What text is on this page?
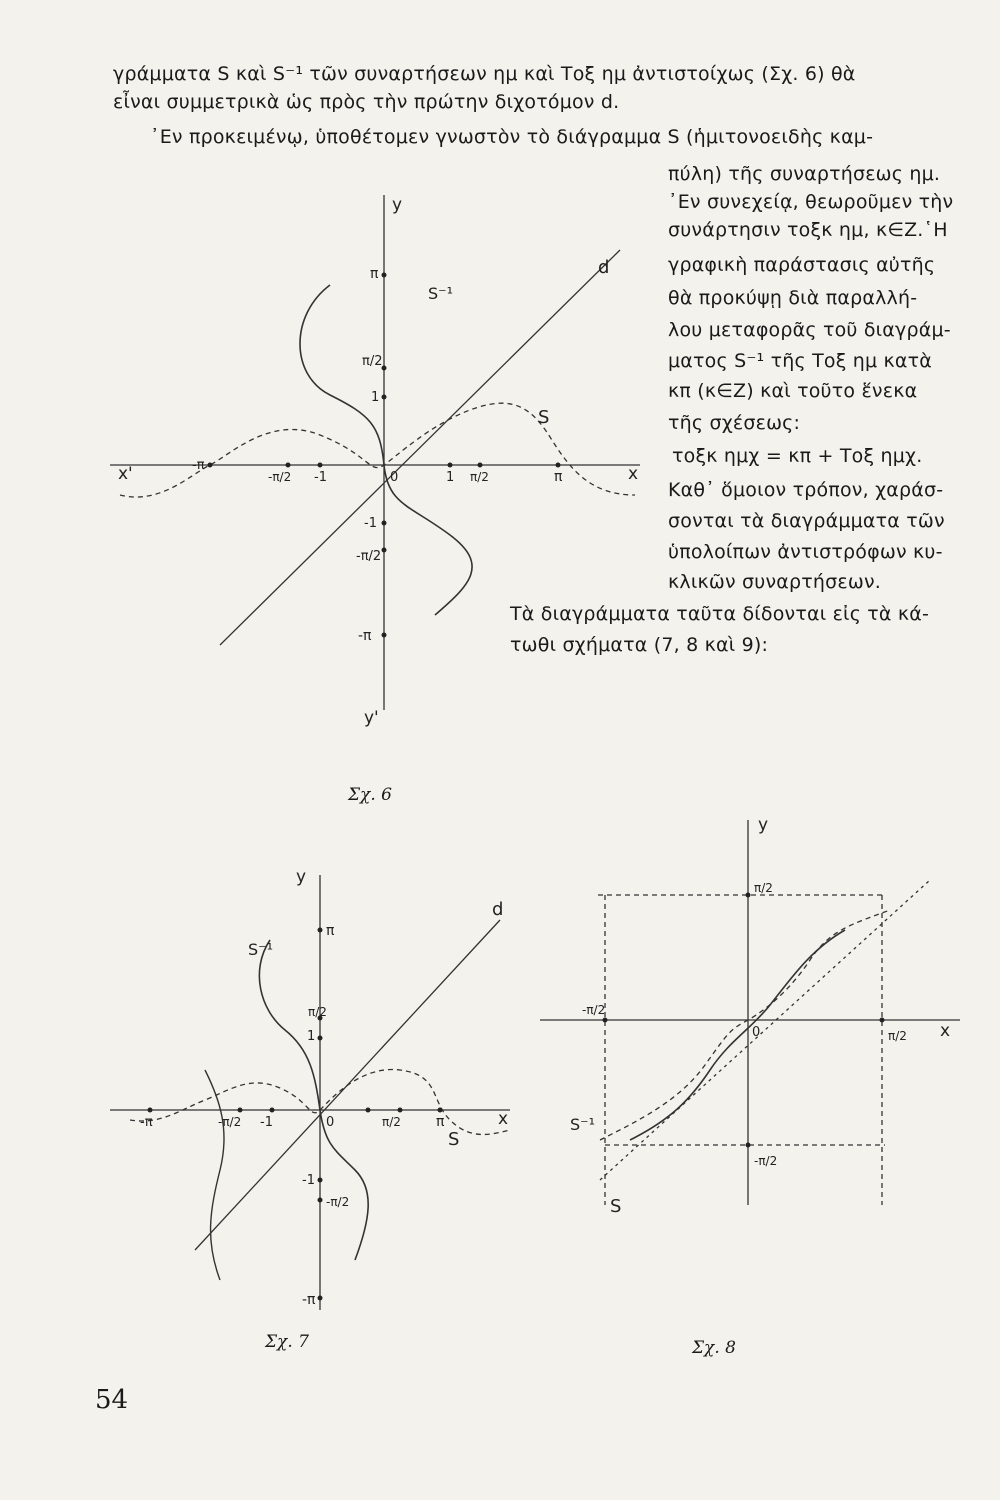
γράμματα S καὶ S⁻¹ τῶν συναρτήσεων ημ καὶ Τοξ ημ ἀντιστοίχως (Σχ. 6) θὰ
εἶναι συμμετρικὰ ὡς πρὸς τὴν πρώτην διχοτόμον d.
᾿Εν προκειμένῳ, ὑποθέτομεν γνωστὸν τὸ διάγραμμα S (ἡμιτονοειδὴς καμ-
πύλη) τῆς συναρτήσεως ημ.
᾿Εν συνεχείᾳ, θεωροῦμεν τὴν
συνάρτησιν τοξκ ημ, κ∈Ζ.῾Η
γραφικὴ παράστασις αὐτῆς
θὰ προκύψῃ διὰ παραλλή-
λου μεταφορᾶς τοῦ διαγράμ-
ματος S⁻¹ τῆς Τοξ ημ κατὰ
κπ (κ∈Ζ) καὶ τοῦτο ἕνεκα
τῆς σχέσεως:
τοξκ ημχ = κπ + Τοξ ημχ.
Καθ᾿ ὅμοιον τρόπον, χαράσ-
σονται τὰ διαγράμματα τῶν
ὑπολοίπων ἀντιστρόφων κυ-
κλικῶν συναρτήσεων.
Τὰ διαγράμματα ταῦτα δίδονται εἰς τὰ κά-
τωθι σχήματα (7, 8 καὶ 9):
y
y'
x
x'
d
S
S⁻¹
π
π/2
1
0
-1
-π/2
-π
-π
-π/2 -1	1 π/2	π
Σχ. 6
y
x
d
S
S⁻¹
π
π/2
1
0
-1
-π/2
-π
-π	-π/2 -1	π/2	π
Σχ. 7
y
x
S
S⁻¹
π/2
-π/2
-π/2
π/2
0
Σχ. 8
54
